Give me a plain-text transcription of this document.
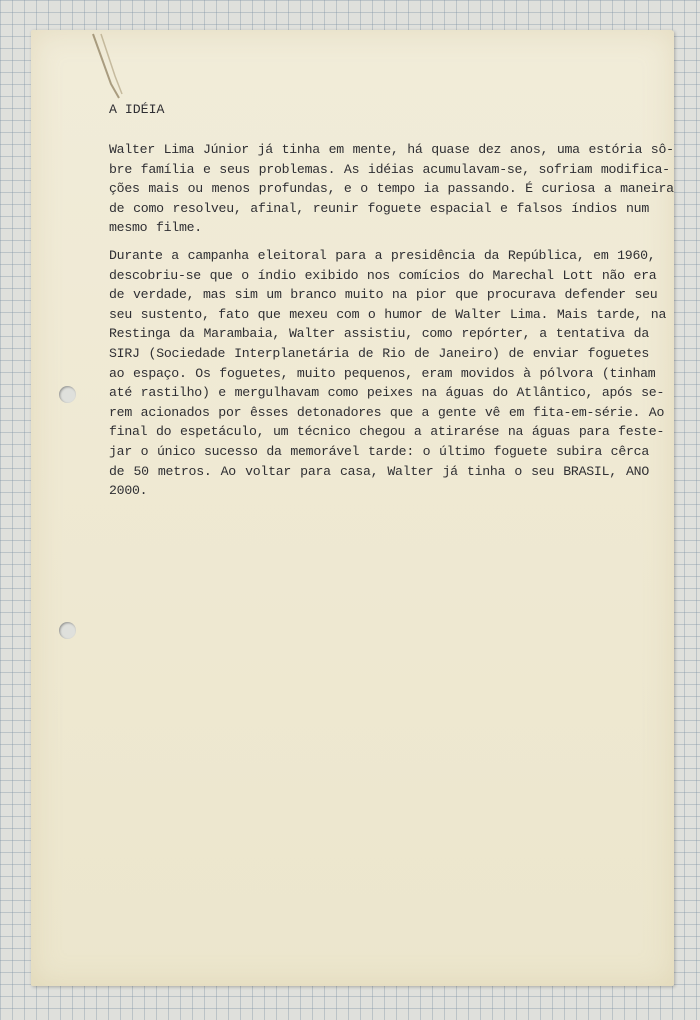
A IDÉIA
Walter Lima Júnior já tinha em mente, há quase dez anos, uma estória sô-
bre família e seus problemas. As idéias acumulavam-se, sofriam modifica-
ções mais ou menos profundas, e o tempo ia passando. É curiosa a maneira
de como resolveu, afinal, reunir foguete espacial e falsos índios num
mesmo filme.
Durante a campanha eleitoral para a presidência da República, em 1960,
descobriu-se que o índio exibido nos comícios do Marechal Lott não era
de verdade, mas sim um branco muito na pior que procurava defender seu
seu sustento, fato que mexeu com o humor de Walter Lima. Mais tarde, na
Restinga da Marambaia, Walter assistiu, como repórter, a tentativa da
SIRJ (Sociedade Interplanetária de Rio de Janeiro) de enviar foguetes
ao espaço. Os foguetes, muito pequenos, eram movidos à pólvora (tinham
até rastilho) e mergulhavam como peixes na águas do Atlântico, após se-
rem acionados por êsses detonadores que a gente vê em fita-em-série. Ao
final do espetáculo, um técnico chegou a atirarése na águas para feste-
jar o único sucesso da memorável tarde: o último foguete subira cêrca
de 50 metros. Ao voltar para casa, Walter já tinha o seu BRASIL, ANO
2000.
